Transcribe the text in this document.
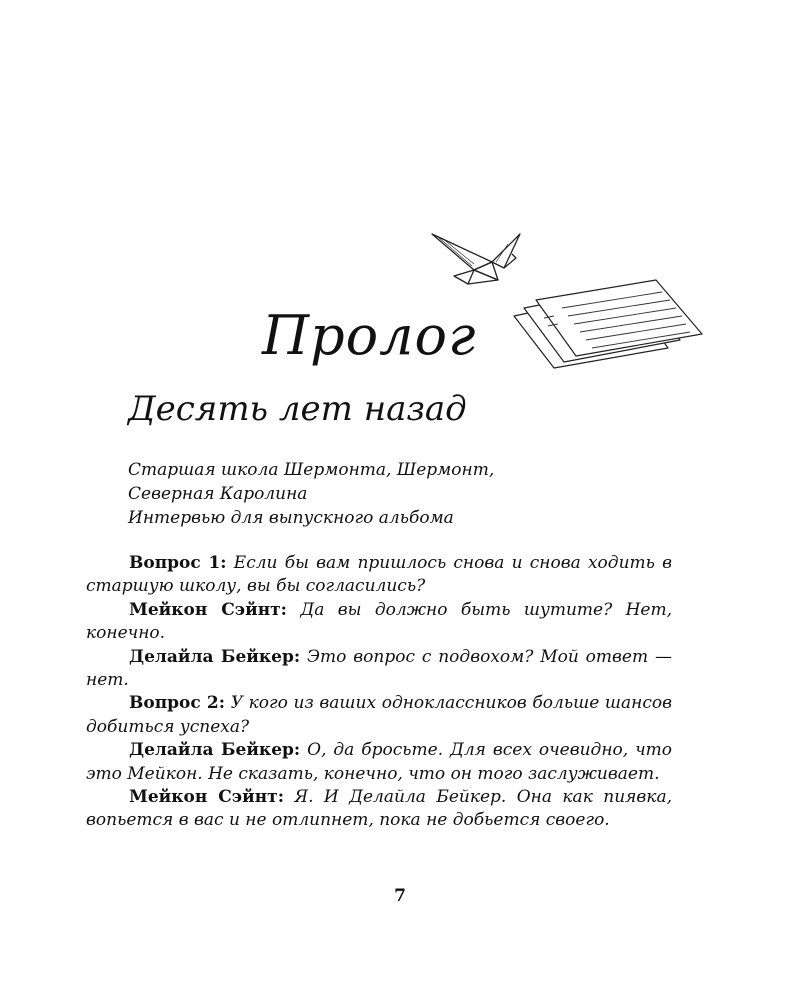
Пролог
Десять лет назад
Старшая школа Шермонта, Шермонт,
Северная Каролина
Интервью для выпускного альбома

Вопрос 1: Если бы вам пришлось снова и снова ходить в старшую школу, вы бы согласились?

Мейкон Сэйнт: Да вы должно быть шутите? Нет, конечно.

Делайла Бейкер: Это вопрос с подвохом? Мой ответ — нет.

Вопрос 2: У кого из ваших одноклассников больше шансов добиться успеха?

Делайла Бейкер: О, да бросьте. Для всех очевидно, что это Мейкон. Не сказать, конечно, что он того заслуживает.

Мейкон Сэйнт: Я. И Делайла Бейкер. Она как пиявка, вопьется в вас и не отлипнет, пока не добьется своего.

7
